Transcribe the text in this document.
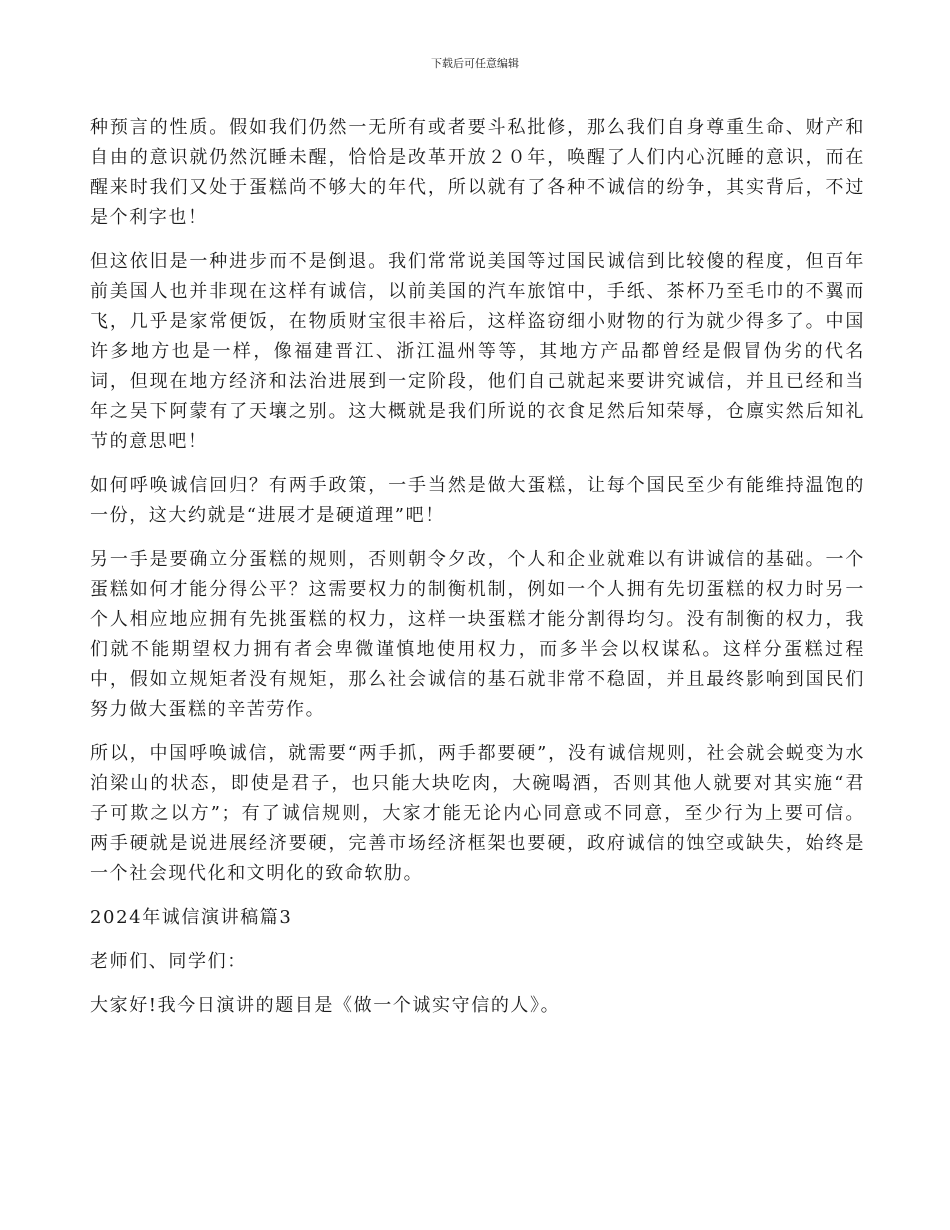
下载后可任意编辑

种预言的性质。假如我们仍然一无所有或者要斗私批修，那么我们自身尊重生命、财产和自由的意识就仍然沉睡未醒，恰恰是改革开放２０年，唤醒了人们内心沉睡的意识，而在醒来时我们又处于蛋糕尚不够大的年代，所以就有了各种不诚信的纷争，其实背后，不过是个利字也！

但这依旧是一种进步而不是倒退。我们常常说美国等过国民诚信到比较傻的程度，但百年前美国人也并非现在这样有诚信，以前美国的汽车旅馆中，手纸、茶杯乃至毛巾的不翼而飞，几乎是家常便饭，在物质财宝很丰裕后，这样盗窃细小财物的行为就少得多了。中国许多地方也是一样，像福建晋江、浙江温州等等，其地方产品都曾经是假冒伪劣的代名词，但现在地方经济和法治进展到一定阶段，他们自己就起来要讲究诚信，并且已经和当年之吴下阿蒙有了天壤之别。这大概就是我们所说的衣食足然后知荣辱，仓廪实然后知礼节的意思吧！

如何呼唤诚信回归？有两手政策，一手当然是做大蛋糕，让每个国民至少有能维持温饱的一份，这大约就是“进展才是硬道理”吧！

另一手是要确立分蛋糕的规则，否则朝令夕改，个人和企业就难以有讲诚信的基础。一个蛋糕如何才能分得公平？这需要权力的制衡机制，例如一个人拥有先切蛋糕的权力时另一个人相应地应拥有先挑蛋糕的权力，这样一块蛋糕才能分割得均匀。没有制衡的权力，我们就不能期望权力拥有者会卑微谨慎地使用权力，而多半会以权谋私。这样分蛋糕过程中，假如立规矩者没有规矩，那么社会诚信的基石就非常不稳固，并且最终影响到国民们努力做大蛋糕的辛苦劳作。

所以，中国呼唤诚信，就需要“两手抓，两手都要硬”，没有诚信规则，社会就会蜕变为水泊梁山的状态，即使是君子，也只能大块吃肉，大碗喝酒，否则其他人就要对其实施“君子可欺之以方”；有了诚信规则，大家才能无论内心同意或不同意，至少行为上要可信。两手硬就是说进展经济要硬，完善市场经济框架也要硬，政府诚信的蚀空或缺失，始终是一个社会现代化和文明化的致命软肋。

2024年诚信演讲稿篇3

老师们、同学们：

大家好!我今日演讲的题目是《做一个诚实守信的人》。
